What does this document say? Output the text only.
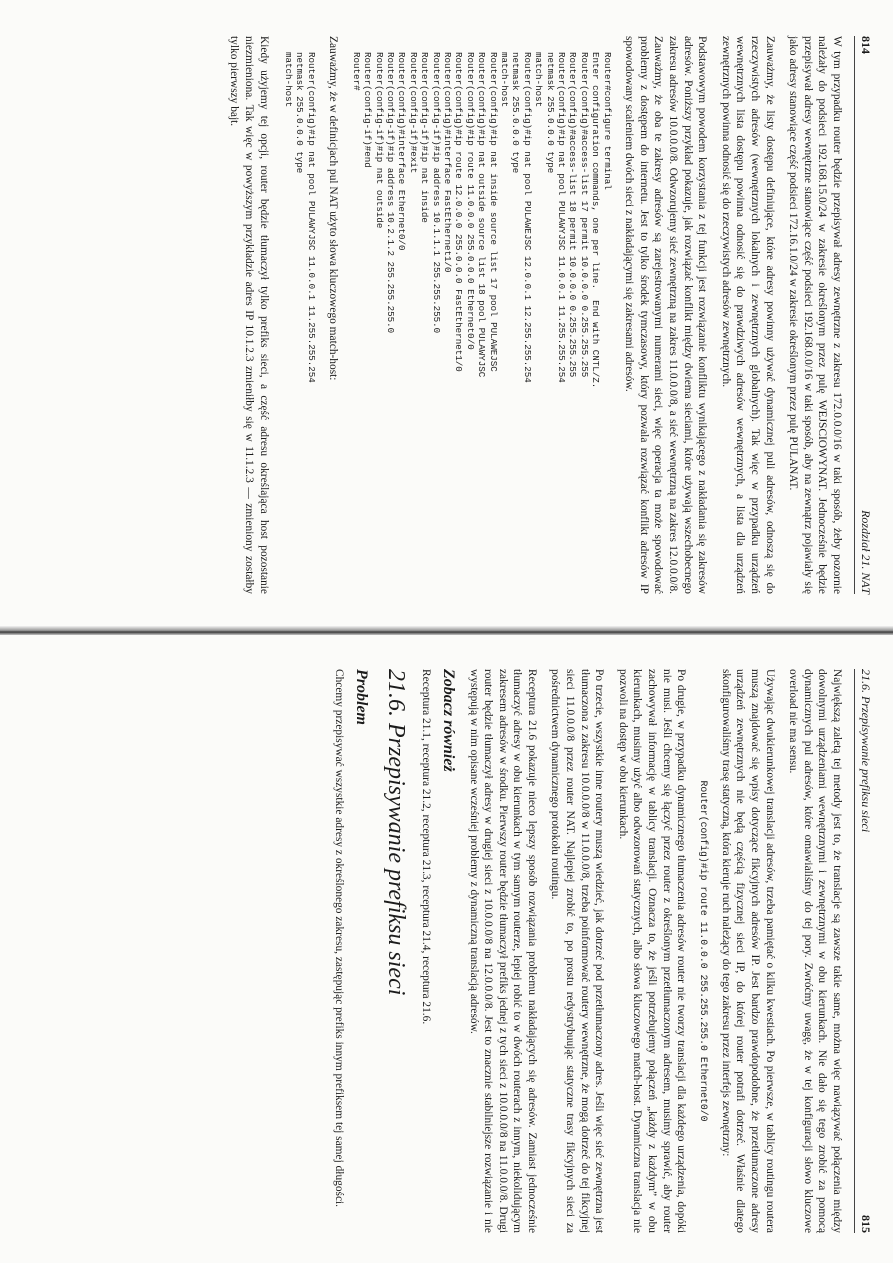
814
Rozdział 21. NAT

W tym przypadku router będzie przepisywał adresy zewnętrzne z zakresu 172.0.0.0/16 w taki sposób, żeby pozornie należały do podsieci 192.168.15.0/24 w zakresie określonym przez pulę WEJSCIOWYNAT. Jednocześnie będzie przepisywał adresy wewnętrzne stanowiące część podsieci 192.168.0.0/16 w taki sposób, aby na zewnątrz pojawiały się jako adresy stanowiące część podsieci 172.16.1.0/24 w zakresie określonym przez pulę PULANAT.

Zauważmy, że listy dostępu definiujące, które adresy powinny używać dynamicznej puli adresów, odnoszą się do rzeczywistych adresów (wewnętrznych lokalnych i zewnętrznych globalnych). Tak więc w przypadku urządzeń wewnętrznych lista dostępu powinna odnosić się do prawdziwych adresów wewnętrznych, a lista dla urządzeń zewnętrznych powinna odnosić się do rzeczywistych adresów zewnętrznych.

Podstawowym powodem korzystania z tej funkcji jest rozwiązanie konfliktu wynikającego z nakładania się zakresów adresów. Poniższy przykład pokazuje, jak rozwiązać konflikt między dwiema sieciami, które używają wszechobecnego zakresu adresów 10.0.0.0/8. Odwzorujemy sieć zewnętrzną na zakres 11.0.0.0/8, a sieć wewnętrzną na zakres 12.0.0.0/8. Zauważmy, że oba te zakresy adresów są zarejestrowanymi numerami sieci, więc operacja ta może spowodować problemy z dostępem do internetu. Jest to tylko środek tymczasowy, który pozwala rozwiązać konflikt adresów IP spowodowany scaleniem dwóch sieci z nakładającymi się zakresami adresów.

Router#configure terminal
Enter configuration commands, one per line.  End with CNTL/Z.
Router(config)#access-list 17 permit 10.0.0.0 0.255.255.255
Router(config)#access-list 18 permit 10.0.0.0 0.255.255.255
Router(config)#ip nat pool PULAWYJSC 11.0.0.1 11.255.255.254
netmask 255.0.0.0 type
match-host
Router(config)#ip nat pool PULAWEJSC 12.0.0.1 12.255.255.254
netmask 255.0.0.0 type
match-host
Router(config)#ip nat inside source list 17 pool PULAWEJSC
Router(config)#ip nat outside source list 18 pool PULAWYJSC
Router(config)#ip route 11.0.0.0 255.0.0.0 Ethernet0/0
Router(config)#ip route 12.0.0.0 255.0.0.0 FastEthernet1/0
Router(config)#interface FastEthernet1/0
Router(config-if)#ip address 10.1.1.1 255.255.255.0
Router(config-if)#ip nat inside
Router(config-if)#exit
Router(config)#interface Ethernet0/0
Router(config-if)#ip address 10.2.1.2 255.255.255.0
Router(config-if)#ip nat outside
Router(config-if)#end
Router#

Zauważmy, że w definicjach pul NAT użyto słowa kluczowego match-host:

Router(config)#ip nat pool PULAWYJSC 11.0.0.1 11.255.255.254
netmask 255.0.0.0 type
match-host

Kiedy użyjemy tej opcji, router będzie tłumaczył tylko prefiks sieci, a część adresu określająca host pozostanie niezmieniona. Tak więc w powyższym przykładzie adres IP 10.1.2.3 zmieniłby się w 11.1.2.3 — zmieniony zostałby tylko pierwszy bajt.

21.6. Przepisywanie prefiksu sieci
815

Największą zaletą tej metody jest to, że translacje są zawsze takie same, można więc nawiązywać połączenia między dowolnymi urządzeniami wewnętrznymi i zewnętrznymi w obu kierunkach. Nie dało się tego zrobić za pomocą dynamicznych pul adresów, które omawialiśmy do tej pory. Zwróćmy uwagę, że w tej konfiguracji słowo kluczowe overload nie ma sensu.

Używając dwukierunkowej translacji adresów, trzeba pamiętać o kilku kwestiach. Po pierwsze, w tablicy routingu routera muszą znajdować się wpisy dotyczące fikcyjnych adresów IP. Jest bardzo prawdopodobne, że przetłumaczone adresy urządzeń zewnętrznych nie będą częścią fizycznej sieci IP, do której router potrafi dotrzeć. Właśnie dlatego skonfigurowaliśmy trasę statyczną, która kieruje ruch należący do tego zakresu przez interfejs zewnętrzny:

Router(config)#ip route 11.0.0.0 255.255.255.0 Ethernet0/0

Po drugie, w przypadku dynamicznego tłumaczenia adresów router nie tworzy translacji dla każdego urządzenia, dopóki nie musi. Jeśli chcemy się łączyć przez router z określonym przetłumaczonym adresem, musimy sprawić, aby router zachowywał informację w tablicy translacji. Oznacza to, że jeśli potrzebujemy połączeń „każdy z każdym” w obu kierunkach, musimy użyć albo odwzorowań statycznych, albo słowa kluczowego match-host. Dynamiczna translacja nie pozwoli na dostęp w obu kierunkach.

Po trzecie, wszystkie inne routery muszą wiedzieć, jak dotrzeć pod przetłumaczony adres. Jeśli więc sieć zewnętrzna jest tłumaczona z zakresu 10.0.0.0/8 w 11.0.0.0/8, trzeba poinformować routery wewnętrzne, że mogą dotrzeć do tej fikcyjnej sieci 11.0.0.0/8 przez router NAT. Najlepiej zrobić to, po prostu redystrybuując statyczne trasy fikcyjnych sieci za pośrednictwem dynamicznego protokołu routingu.

Receptura 21.6 pokazuje nieco lepszy sposób rozwiązania problemu nakładających się adresów. Zamiast jednocześnie tłumaczyć adresy w obu kierunkach w tym samym routerze, lepiej robić to w dwóch routerach z innym, niekolidującym zakresem adresów w środku. Pierwszy router będzie tłumaczył prefiks jednej z tych sieci z 10.0.0.0/8 na 11.0.0.0/8. Drugi router będzie tłumaczył adresy w drugiej sieci z 10.0.0.0/8 na 12.0.0.0/8. Jest to znacznie stabilniejsze rozwiązanie i nie występują w nim opisane wcześniej problemy z dynamiczną translacją adresów.

Zobacz również

Receptura 21.1, receptura 21.2, receptura 21.3, receptura 21.4, receptura 21.6.

21.6. Przepisywanie prefiksu sieci
Problem

Chcemy przepisywać wszystkie adresy z określonego zakresu, zastępując prefiks innym prefiksem tej samej długości.
